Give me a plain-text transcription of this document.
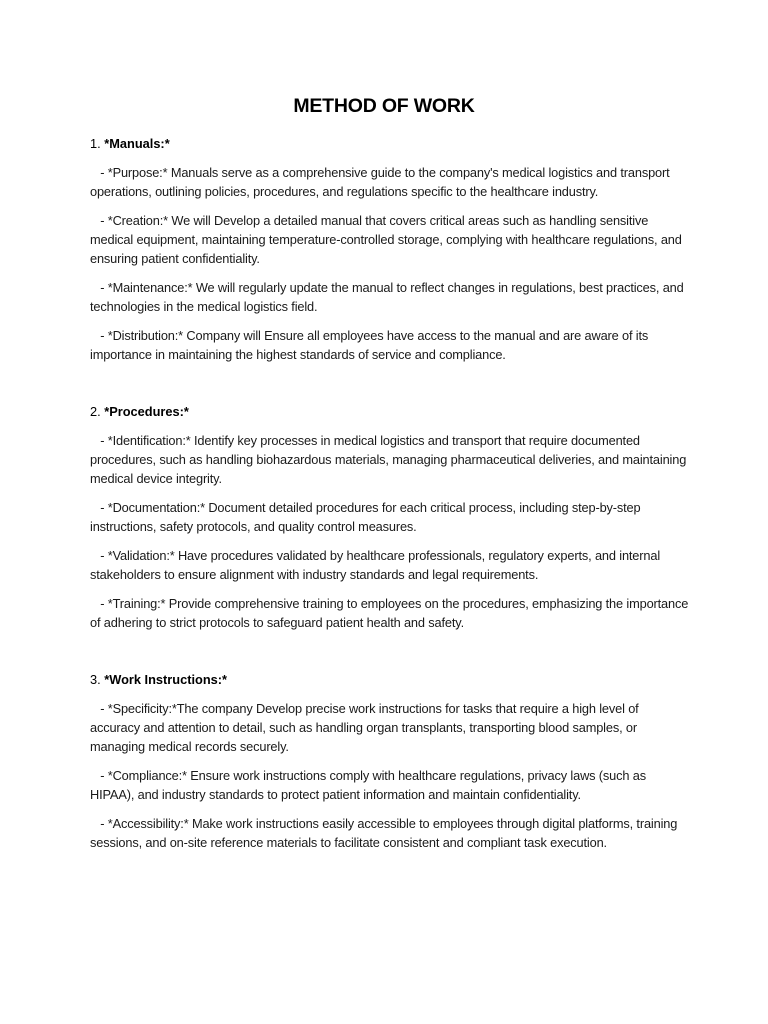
METHOD OF WORK
1. *Manuals:*

- *Purpose:* Manuals serve as a comprehensive guide to the company's medical logistics and transport operations, outlining policies, procedures, and regulations specific to the healthcare industry.

- *Creation:* We will Develop a detailed manual that covers critical areas such as handling sensitive medical equipment, maintaining temperature-controlled storage, complying with healthcare regulations, and ensuring patient confidentiality.

- *Maintenance:* We will regularly update the manual to reflect changes in regulations, best practices, and technologies in the medical logistics field.

- *Distribution:* Company will Ensure all employees have access to the manual and are aware of its importance in maintaining the highest standards of service and compliance.

2. *Procedures:*

- *Identification:* Identify key processes in medical logistics and transport that require documented procedures, such as handling biohazardous materials, managing pharmaceutical deliveries, and maintaining medical device integrity.

- *Documentation:* Document detailed procedures for each critical process, including step-by-step instructions, safety protocols, and quality control measures.

- *Validation:* Have procedures validated by healthcare professionals, regulatory experts, and internal stakeholders to ensure alignment with industry standards and legal requirements.

- *Training:* Provide comprehensive training to employees on the procedures, emphasizing the importance of adhering to strict protocols to safeguard patient health and safety.

3. *Work Instructions:*

- *Specificity:*The company Develop precise work instructions for tasks that require a high level of accuracy and attention to detail, such as handling organ transplants, transporting blood samples, or managing medical records securely.

- *Compliance:* Ensure work instructions comply with healthcare regulations, privacy laws (such as HIPAA), and industry standards to protect patient information and maintain confidentiality.

- *Accessibility:* Make work instructions easily accessible to employees through digital platforms, training sessions, and on-site reference materials to facilitate consistent and compliant task execution.
